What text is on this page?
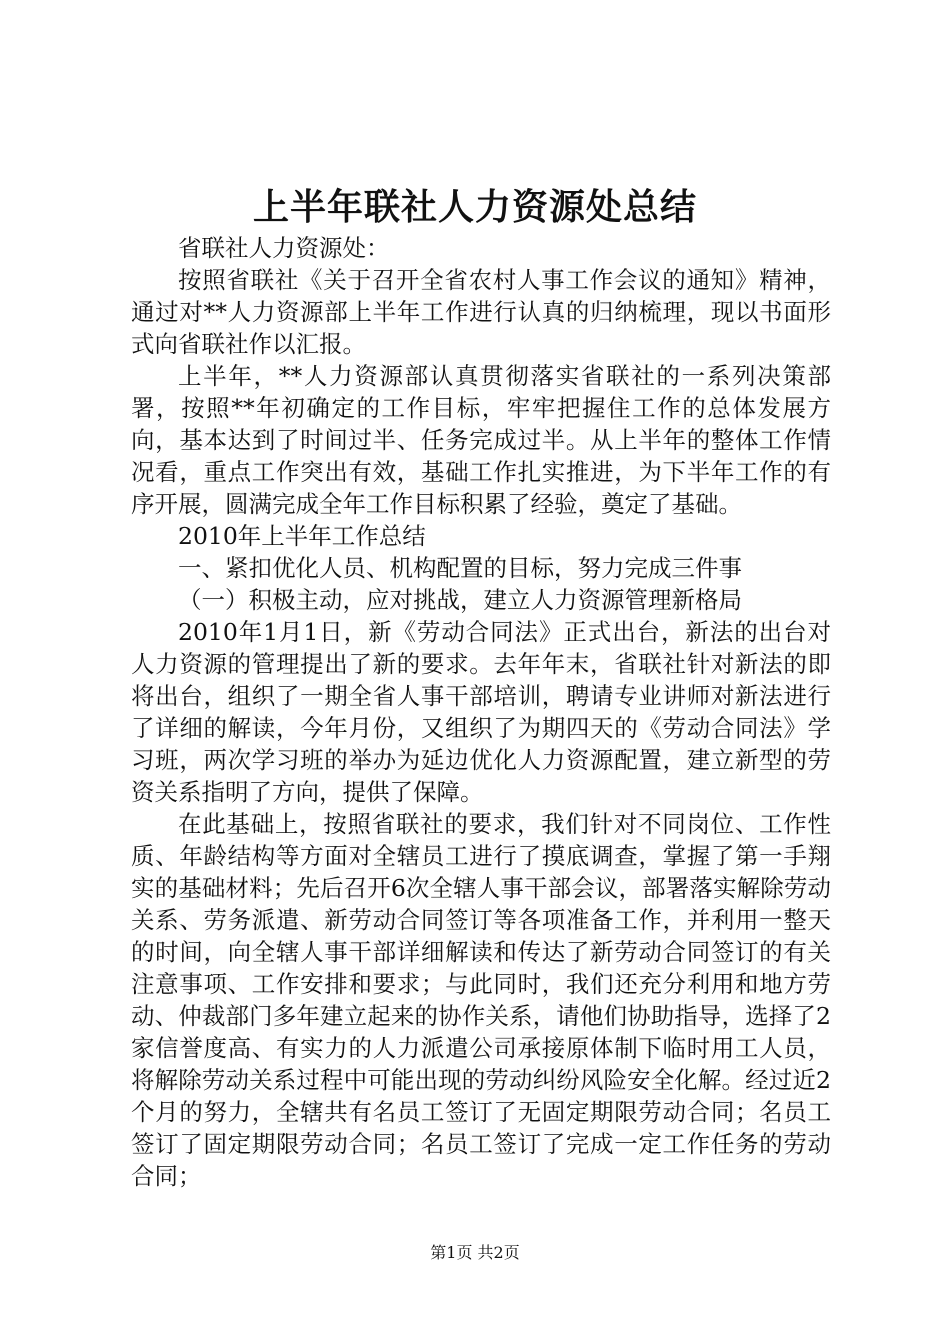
上半年联社人力资源处总结

省联社人力资源处：

按照省联社《关于召开全省农村人事工作会议的通知》精神，通过对**人力资源部上半年工作进行认真的归纳梳理，现以书面形式向省联社作以汇报。

上半年，**人力资源部认真贯彻落实省联社的一系列决策部署，按照**年初确定的工作目标，牢牢把握住工作的总体发展方向，基本达到了时间过半、任务完成过半。从上半年的整体工作情况看，重点工作突出有效，基础工作扎实推进，为下半年工作的有序开展，圆满完成全年工作目标积累了经验，奠定了基础。

2010年上半年工作总结

一、紧扣优化人员、机构配置的目标，努力完成三件事

（一）积极主动，应对挑战，建立人力资源管理新格局

2010年1月1日，新《劳动合同法》正式出台，新法的出台对人力资源的管理提出了新的要求。去年年末，省联社针对新法的即将出台，组织了一期全省人事干部培训，聘请专业讲师对新法进行了详细的解读，今年月份，又组织了为期四天的《劳动合同法》学习班，两次学习班的举办为延边优化人力资源配置，建立新型的劳资关系指明了方向，提供了保障。

在此基础上，按照省联社的要求，我们针对不同岗位、工作性质、年龄结构等方面对全辖员工进行了摸底调查，掌握了第一手翔实的基础材料；先后召开6次全辖人事干部会议，部署落实解除劳动关系、劳务派遣、新劳动合同签订等各项准备工作，并利用一整天的时间，向全辖人事干部详细解读和传达了新劳动合同签订的有关注意事项、工作安排和要求；与此同时，我们还充分利用和地方劳动、仲裁部门多年建立起来的协作关系，请他们协助指导，选择了2家信誉度高、有实力的人力派遣公司承接原体制下临时用工人员，将解除劳动关系过程中可能出现的劳动纠纷风险安全化解。经过近2个月的努力，全辖共有名员工签订了无固定期限劳动合同；名员工签订了固定期限劳动合同；名员工签订了完成一定工作任务的劳动合同；

第1页 共2页
